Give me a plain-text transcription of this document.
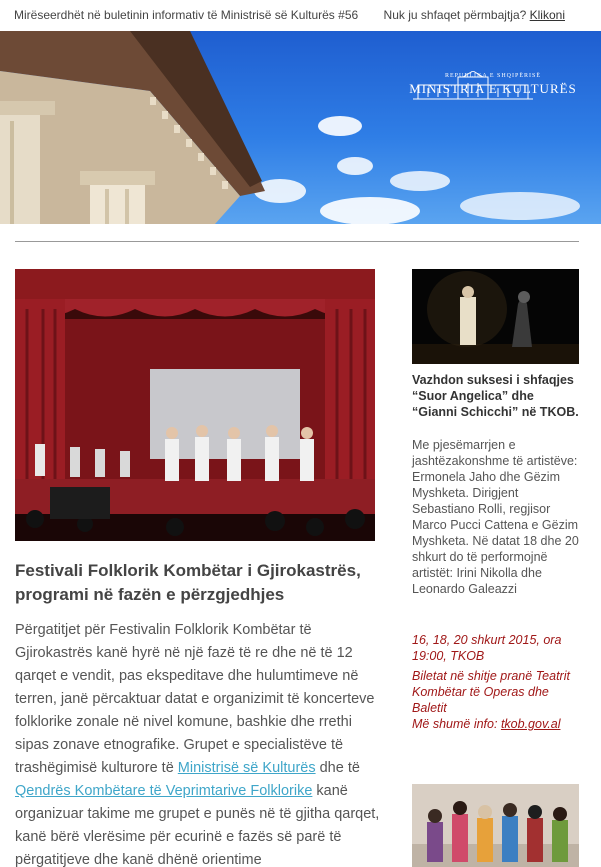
Mirëseerdhët në buletinin informativ të Ministrisë së Kulturës #56 Nuk ju shfaqet përmbajtja? Klikoni
REPUBLIKA E SHQIPËRISË
MINISTRIA E KULTURËS
Festivali Folklorik Kombëtar i Gjirokastrës, programi në fazën e përzgjedhjes
Përgatitjet për Festivalin Folklorik Kombëtar të Gjirokastrës kanë hyrë në një fazë të re dhe në të 12 qarqet e vendit, pas ekspeditave dhe hulumtimeve në terren, janë përcaktuar datat e organizimit të koncerteve folklorike zonale në nivel komune, bashkie dhe rrethi sipas zonave etnografike. Grupet e specialistëve të trashëgimisë kulturore të Ministrisë së Kulturës dhe të Qendrës Kombëtare të Veprimtarive Folklorike kanë organizuar takime me grupet e punës në të gjitha qarqet, kanë bërë vlerësime për ecurinë e fazës së parë të përgatitjeve dhe kanë dhënë orientime
Vazhdon suksesi i shfaqjes “Suor Angelica” dhe “Gianni Schicchi” në TKOB.
Me pjesëmarrjen e jashtëzakonshme të artistëve: Ermonela Jaho dhe Gëzim Myshketa. Dirigjent Sebastiano Rolli, regjisor Marco Pucci Cattena e Gëzim Myshketa. Në datat 18 dhe 20 shkurt do të performojnë artistët: Irini Nikolla dhe Leonardo Galeazzi
16, 18, 20 shkurt 2015, ora 19:00, TKOB
Biletat në shitje pranë Teatrit Kombëtar të Operas dhe Baletit
Më shumë info: tkob.gov.al
